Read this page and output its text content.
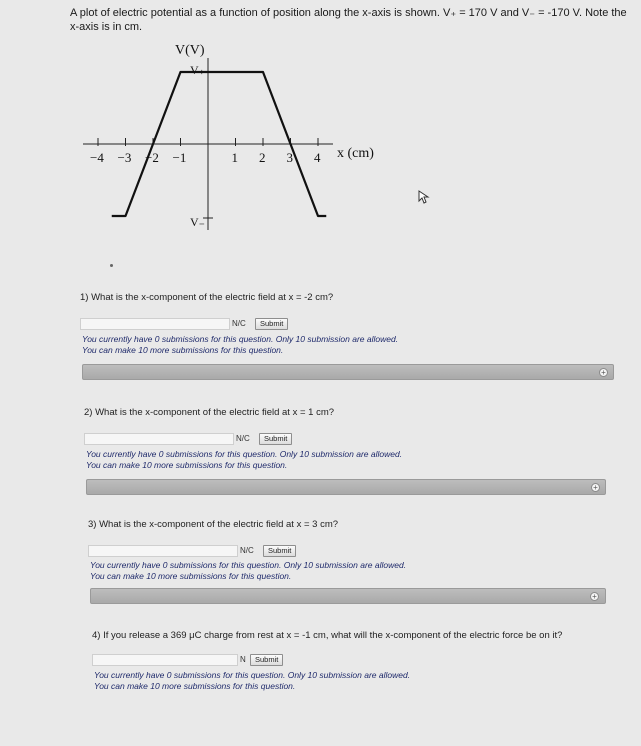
A plot of electric potential as a function of position along the x-axis is shown. V₊ = 170 V and V₋ = -170 V. Note the x-axis is in cm.
V(V)
x (cm)
V₊
V₋
−4 −3 −2 −1	1 2 3 4
1) What is the x-component of the electric field at x = -2 cm?
N/C	Submit
You currently have 0 submissions for this question. Only 10 submission are allowed.
You can make 10 more submissions for this question.
+
2) What is the x-component of the electric field at x = 1 cm?
N/C	Submit
You currently have 0 submissions for this question. Only 10 submission are allowed.
You can make 10 more submissions for this question.
+
3) What is the x-component of the electric field at x = 3 cm?
N/C	Submit
You currently have 0 submissions for this question. Only 10 submission are allowed.
You can make 10 more submissions for this question.
+
4) If you release a 369 μC charge from rest at x = -1 cm, what will the x-component of the electric force be on it?
N	Submit
You currently have 0 submissions for this question. Only 10 submission are allowed.
You can make 10 more submissions for this question.
